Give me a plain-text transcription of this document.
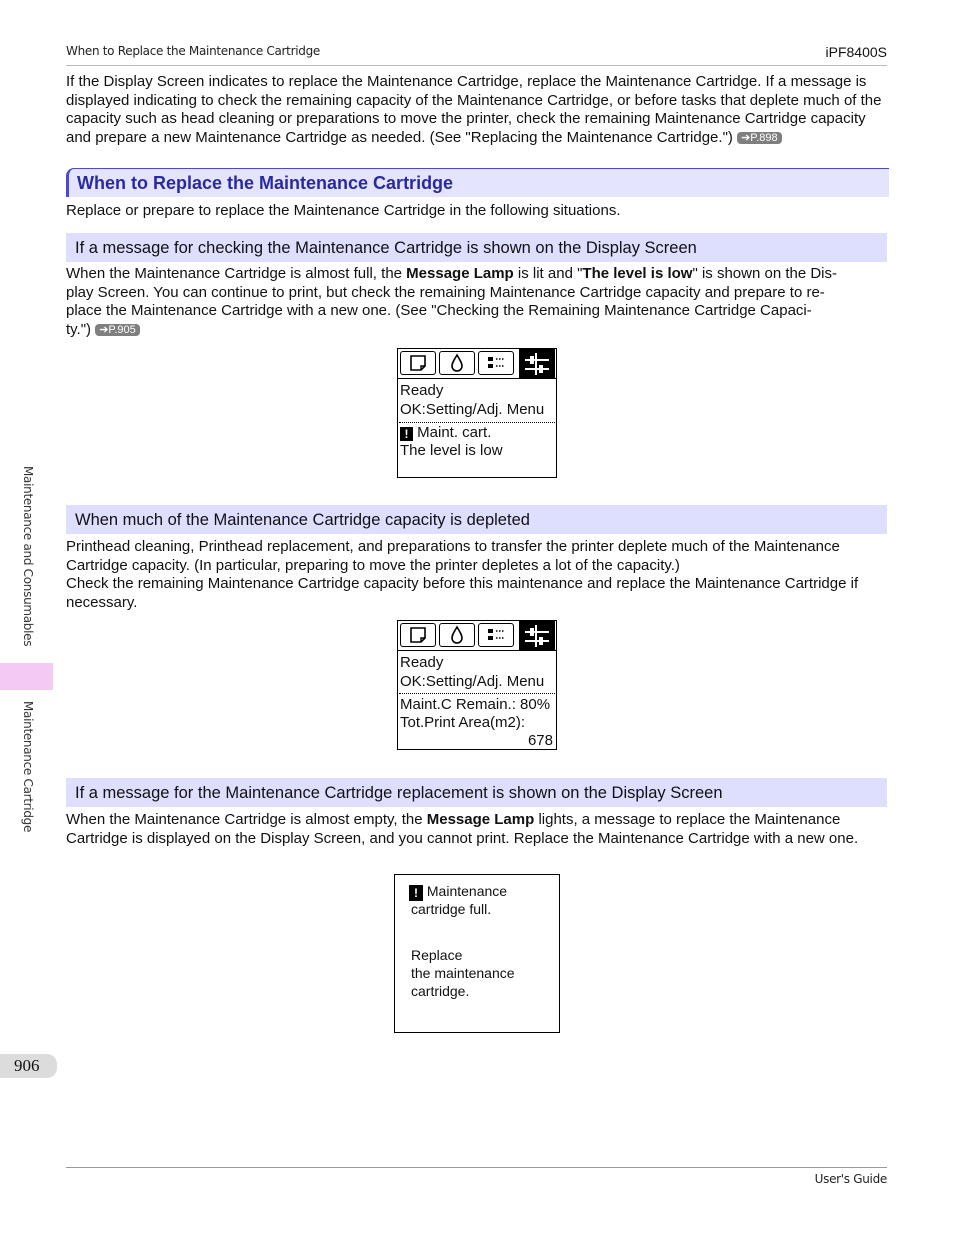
When to Replace the Maintenance Cartridge	iPF8400S
If the Display Screen indicates to replace the Maintenance Cartridge, replace the Maintenance Cartridge. If a message is displayed indicating to check the remaining capacity of the Maintenance Cartridge, or before tasks that deplete much of the capacity such as head cleaning or preparations to move the printer, check the remaining Maintenance Cartridge capacity and prepare a new Maintenance Cartridge as needed. (See "Replacing the Maintenance Cartridge.") ➔P.898
When to Replace the Maintenance Cartridge
Replace or prepare to replace the Maintenance Cartridge in the following situations.
If a message for checking the Maintenance Cartridge is shown on the Display Screen
When the Maintenance Cartridge is almost full, the Message Lamp is lit and "The level is low" is shown on the Dis-
play Screen. You can continue to print, but check the remaining Maintenance Cartridge capacity and prepare to re-
place the Maintenance Cartridge with a new one. (See "Checking the Remaining Maintenance Cartridge Capaci-
ty.") ➔P.905
Ready
OK:Setting/Adj. Menu
! Maint. cart.
The level is low
When much of the Maintenance Cartridge capacity is depleted
Printhead cleaning, Printhead replacement, and preparations to transfer the printer deplete much of the Maintenance Cartridge capacity. (In particular, preparing to move the printer depletes a lot of the capacity.)
Check the remaining Maintenance Cartridge capacity before this maintenance and replace the Maintenance Cartridge if necessary.
Ready
OK:Setting/Adj. Menu
Maint.C Remain.: 80%
Tot.Print Area(m2):
678
If a message for the Maintenance Cartridge replacement is shown on the Display Screen
When the Maintenance Cartridge is almost empty, the Message Lamp lights, a message to replace the Maintenance Cartridge is displayed on the Display Screen, and you cannot print. Replace the Maintenance Cartridge with a new one.
! Maintenance
cartridge full.
Replace
the maintenance
cartridge.
Maintenance and Consumables
Maintenance Cartridge
906
User's Guide
